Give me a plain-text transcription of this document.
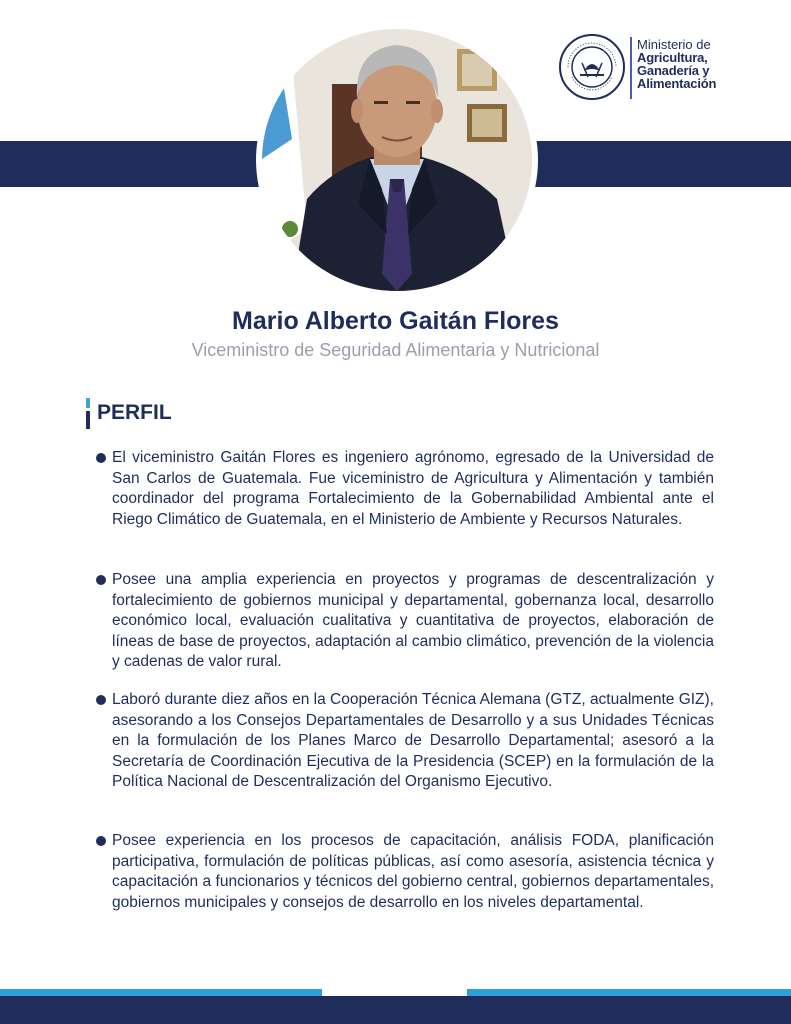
Ministerio de
Agricultura,
Ganadería y
Alimentación
Mario Alberto Gaitán Flores
Viceministro de Seguridad Alimentaria y Nutricional
PERFIL
El viceministro Gaitán Flores es ingeniero agrónomo, egresado de la Universidad de San Carlos de Guatemala. Fue viceministro de Agricultura y Alimentación y también coordinador del programa Fortalecimiento de la Gobernabilidad Ambiental ante el Riego Climático de Guatemala, en el Ministerio de Ambiente y Recursos Naturales.
Posee una amplia experiencia en proyectos y programas de descentralización y fortalecimiento de gobiernos municipal y departamental, gobernanza local, desarrollo económico local, evaluación cualitativa y cuantitativa de proyectos, elaboración de líneas de base de proyectos, adaptación al cambio climático, prevención de la violencia y cadenas de valor rural.
Laboró durante diez años en la Cooperación Técnica Alemana (GTZ, actualmente GIZ), asesorando a los Consejos Departamentales de Desarrollo y a sus Unidades Técnicas en la formulación de los Planes Marco de Desarrollo Departamental; asesoró a la Secretaría de Coordinación Ejecutiva de la Presidencia (SCEP) en la formulación de la Política Nacional de Descentralización del Organismo Ejecutivo.
Posee experiencia en los procesos de capacitación, análisis FODA, planificación participativa, formulación de políticas públicas, así como asesoría, asistencia técnica y capacitación a funcionarios y técnicos del gobierno central, gobiernos departamentales, gobiernos municipales y consejos de desarrollo en los niveles departamental.
